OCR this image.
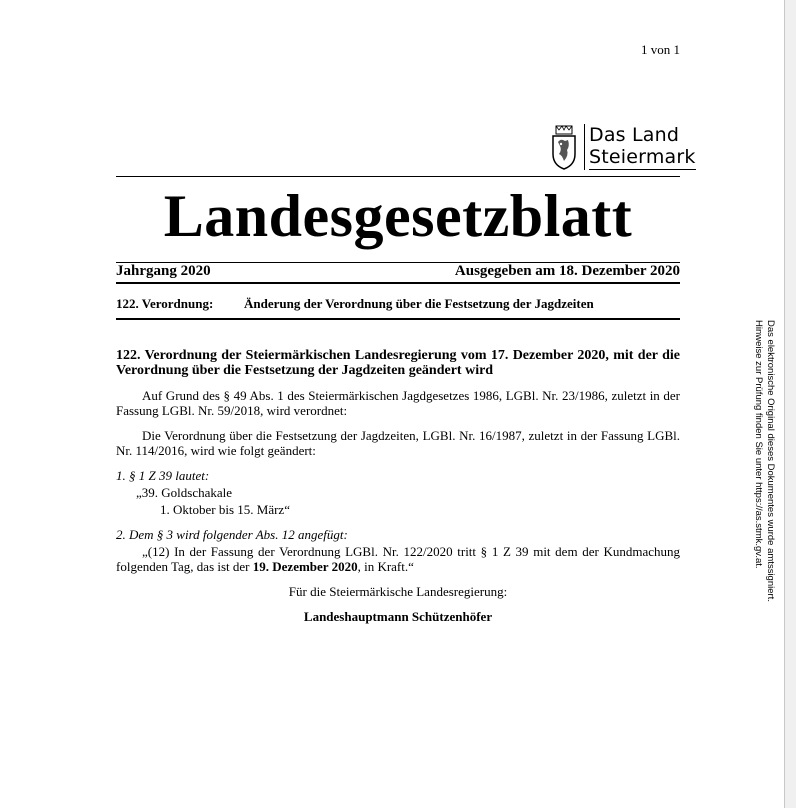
1 von 1
Das Land
Steiermark
Landesgesetzblatt
Jahrgang 2020	Ausgegeben am 18. Dezember 2020
122. Verordnung: Änderung der Verordnung über die Festsetzung der Jagdzeiten

122. Verordnung der Steiermärkischen Landesregierung vom 17. Dezember 2020, mit der die Verordnung über die Festsetzung der Jagdzeiten geändert wird

Auf Grund des § 49 Abs. 1 des Steiermärkischen Jagdgesetzes 1986, LGBl. Nr. 23/1986, zuletzt in der Fassung LGBl. Nr. 59/2018, wird verordnet:

Die Verordnung über die Festsetzung der Jagdzeiten, LGBl. Nr. 16/1987, zuletzt in der Fassung LGBl. Nr. 114/2016, wird wie folgt geändert:

1. § 1 Z 39 lautet:

„39. Goldschakale

1. Oktober bis 15. März“

2. Dem § 3 wird folgender Abs. 12 angefügt:

„(12) In der Fassung der Verordnung LGBl. Nr. 122/2020 tritt § 1 Z 39 mit dem der Kundmachung folgenden Tag, das ist der 19. Dezember 2020, in Kraft.“

Für die Steiermärkische Landesregierung:

Landeshauptmann Schützenhöfer

Das elektronische Original dieses Dokumentes wurde amtssigniert.
Hinweise zur Prüfung finden Sie unter https://as.stmk.gv.at.
